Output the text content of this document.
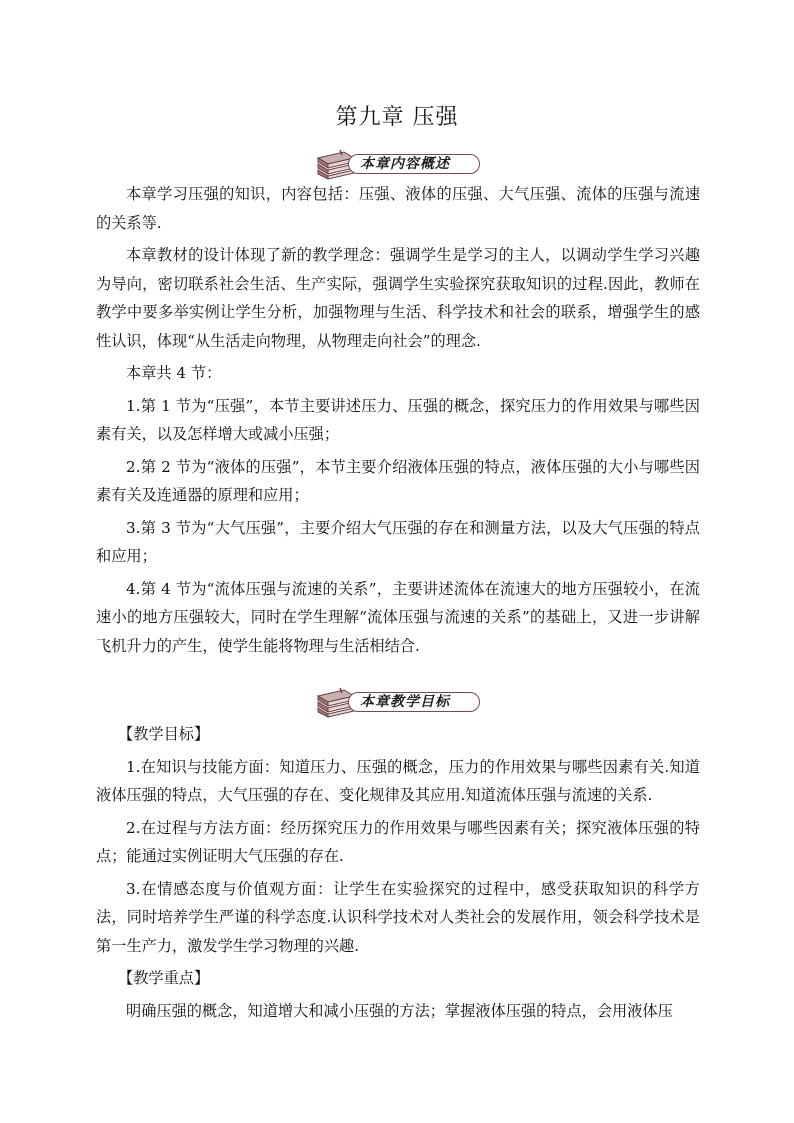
第九章 压强
本章内容概述

本章学习压强的知识，内容包括：压强、液体的压强、大气压强、流体的压强与流速的关系等.

本章教材的设计体现了新的教学理念：强调学生是学习的主人，以调动学生学习兴趣为导向，密切联系社会生活、生产实际，强调学生实验探究获取知识的过程.因此，教师在教学中要多举实例让学生分析，加强物理与生活、科学技术和社会的联系，增强学生的感性认识，体现“从生活走向物理，从物理走向社会”的理念.

本章共 4 节：

1.第 1 节为“压强”，本节主要讲述压力、压强的概念，探究压力的作用效果与哪些因素有关，以及怎样增大或减小压强；

2.第 2 节为“液体的压强”，本节主要介绍液体压强的特点，液体压强的大小与哪些因素有关及连通器的原理和应用；

3.第 3 节为“大气压强”，主要介绍大气压强的存在和测量方法，以及大气压强的特点和应用；

4.第 4 节为“流体压强与流速的关系”，主要讲述流体在流速大的地方压强较小，在流速小的地方压强较大，同时在学生理解“流体压强与流速的关系”的基础上，又进一步讲解飞机升力的产生，使学生能将物理与生活相结合.

本章教学目标

【教学目标】

1.在知识与技能方面：知道压力、压强的概念，压力的作用效果与哪些因素有关.知道液体压强的特点，大气压强的存在、变化规律及其应用.知道流体压强与流速的关系.

2.在过程与方法方面：经历探究压力的作用效果与哪些因素有关；探究液体压强的特点；能通过实例证明大气压强的存在.

3.在情感态度与价值观方面：让学生在实验探究的过程中，感受获取知识的科学方法，同时培养学生严谨的科学态度.认识科学技术对人类社会的发展作用，领会科学技术是第一生产力，激发学生学习物理的兴趣.

【教学重点】

明确压强的概念，知道增大和减小压强的方法；掌握液体压强的特点，会用液体压
